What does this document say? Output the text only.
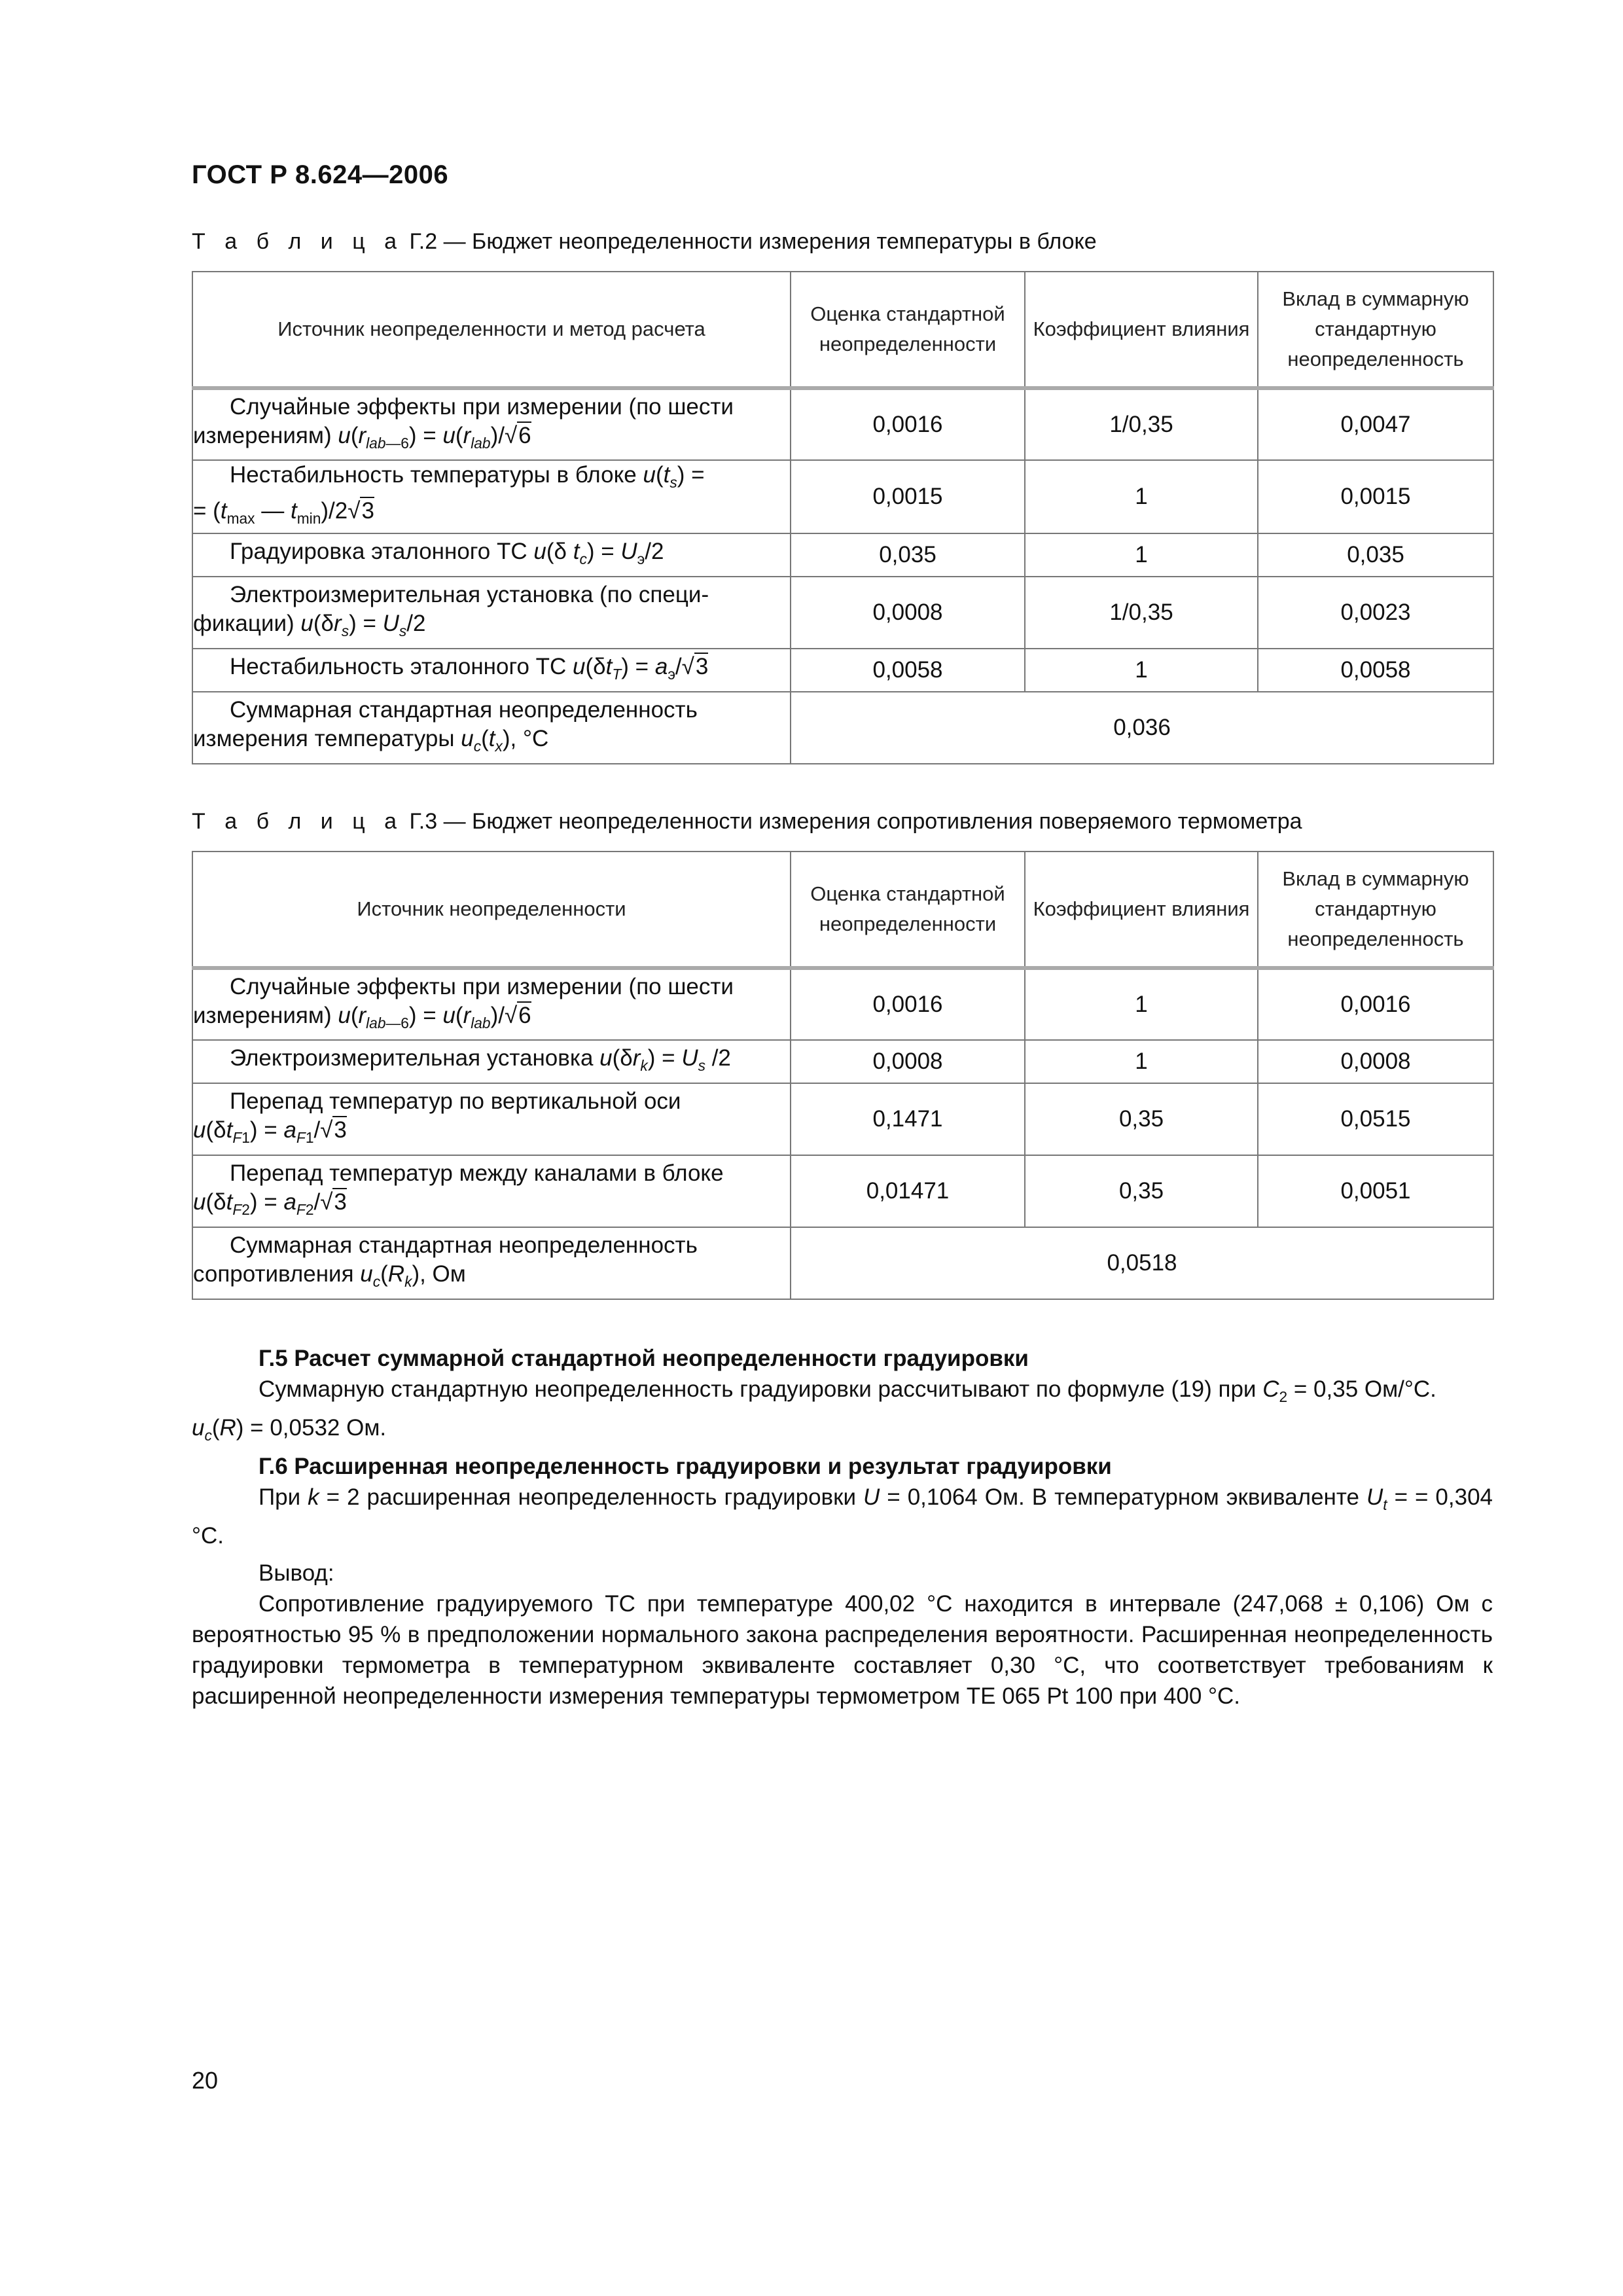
ГОСТ Р 8.624—2006
Т а б л и ц а Г.2 — Бюджет неопределенности измерения температуры в блоке
Источник неопределенности и метод расчета	Оценка стандартной неопределенности	Коэффициент влияния	Вклад в суммарную стандартную неопределенность

Случайные эффекты при измерении (по шести
измерениям) $u(r_{lab—6}) = u(r_{lab})/√6$	0,0016	1/0,35	0,0047

Нестабильность температуры в блоке $u(t_s)$ =
= ($t_{max}$ — $t_{min})/2√3$	0,0015	1	0,0015

Градуировка эталонного ТС u(δ $t_c) = U_э/2$	0,035	1	0,035

Электроизмерительная установка (по специ-
фикации) $u(\delta r_s) = U_s/2$	0,0008	1/0,35	0,0023

Нестабильность эталонного ТС $u(\delta t_T) = a_э/√3$	0,0058	1	0,0058

Суммарная стандартная неопределенность
измерения температуры $u_c(t_x)$, °С	0,036		
Т а б л и ц а Г.3 — Бюджет неопределенности измерения сопротивления поверяемого термометра
Источник неопределенности	Оценка стандартной неопределенности	Коэффициент влияния	Вклад в суммарную стандартную неопределенность

Случайные эффекты при измерении (по шести
измерениям) $u(r_{lab—6}) = u(r_{lab})/√6$	0,0016	1	0,0016

Электроизмерительная установка $u(\delta r_k) = U_s$ /2	0,0008	1	0,0008

Перепад температур по вертикальной оси
$u(\delta t_{F1}) = a_{F1}/√3$	0,1471	0,35	0,0515

Перепад температур между каналами в блоке
$u(\delta t_{F2}) = a_{F2}/√3$	0,01471	0,35	0,0051

Суммарная стандартная неопределенность
сопротивления $u_c(R_k)$, Ом	0,0518		
Г.5 Расчет суммарной стандартной неопределенности градуировки
Суммарную стандартную неопределенность градуировки рассчитывают по формуле (19) при $C_2 = 0,35$ Ом/°С.
$u_c(R) = 0,0532$ Ом.
Г.6 Расширенная неопределенность градуировки и результат градуировки
При k = 2 расширенная неопределенность градуировки U = 0,1064 Ом. В температурном эквиваленте $U_t$ = = 0,304 °С.
Вывод:
Сопротивление градуируемого ТС при температуре 400,02 °С находится в интервале (247,068 ± 0,106) Ом с вероятностью 95 % в предположении нормального закона распределения вероятности. Расширенная неопределенность градуировки термометра в температурном эквиваленте составляет 0,30 °С, что соответствует требованиям к расширенной неопределенности измерения температуры термометром ТЕ 065 Pt 100 при 400 °С.
20
